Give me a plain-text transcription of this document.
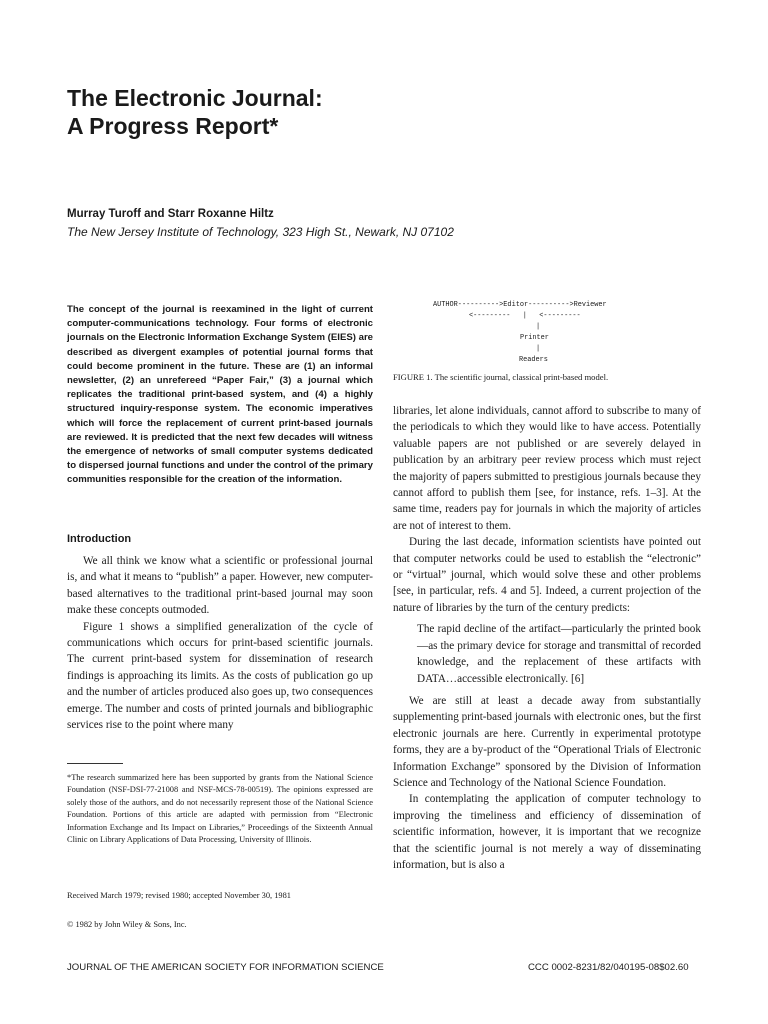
The Electronic Journal:
A Progress Report*
Murray Turoff and Starr Roxanne Hiltz
The New Jersey Institute of Technology, 323 High St., Newark, NJ 07102

The concept of the journal is reexamined in the light of current computer-communications technology. Four forms of electronic journals on the Electronic Information Exchange System (EIES) are described as divergent examples of potential journal forms that could become prominent in the future. These are (1) an informal newsletter, (2) an unrefereed “Paper Fair,” (3) a journal which replicates the traditional print-based system, and (4) a highly structured inquiry-response system. The economic imperatives which will force the replacement of current print-based journals are reviewed. It is predicted that the next few decades will witness the emergence of networks of small computer systems dedicated to dispersed journal functions and under the control of the primary communities responsible for the creation of the information.

Introduction

We all think we know what a scientific or professional journal is, and what it means to “publish” a paper. However, new computer-based alternatives to the traditional print-based journal may soon make these concepts outmoded.

Figure 1 shows a simplified generalization of the cycle of communications which occurs for print-based scientific journals. The current print-based system for dissemination of research findings is approaching its limits. As the costs of publication go up and the number of articles produced also goes up, two consequences emerge. The number and costs of printed journals and bibliographic services rise to the point where many

*The research summarized here has been supported by grants from the National Science Foundation (NSF-DSI-77-21008 and NSF-MCS-78-00519). The opinions expressed are solely those of the authors, and do not necessarily represent those of the National Science Foundation. Portions of this article are adapted with permission from “Electronic Information Exchange and Its Impact on Libraries,” Proceedings of the Sixteenth Annual Clinic on Library Applications of Data Processing, University of Illinois.

Received March 1979; revised 1980; accepted November 30, 1981

© 1982 by John Wiley & Sons, Inc.

AUTHOR---------->Editor---------->Reviewer
<---------   |   <---------
|
Printer
|
Readers

FIGURE 1. The scientific journal, classical print-based model.

libraries, let alone individuals, cannot afford to subscribe to many of the periodicals to which they would like to have access. Potentially valuable papers are not published or are severely delayed in publication by an arbitrary peer review process which must reject the majority of papers submitted to prestigious journals because they cannot afford to publish them [see, for instance, refs. 1–3]. At the same time, readers pay for journals in which the majority of articles are not of interest to them.

During the last decade, information scientists have pointed out that computer networks could be used to establish the “electronic” or “virtual” journal, which would solve these and other problems [see, in particular, refs. 4 and 5]. Indeed, a current projection of the nature of libraries by the turn of the century predicts:

The rapid decline of the artifact—particularly the printed book—as the primary device for storage and transmittal of recorded knowledge, and the replacement of these artifacts with DATA…accessible electronically. [6]

We are still at least a decade away from substantially supplementing print-based journals with electronic ones, but the first electronic journals are here. Currently in experimental prototype forms, they are a by-product of the “Operational Trials of Electronic Information Exchange” sponsored by the Division of Information Science and Technology of the National Science Foundation.

In contemplating the application of computer technology to improving the timeliness and efficiency of dissemination of scientific information, however, it is important that we recognize that the scientific journal is not merely a way of disseminating information, but is also a

JOURNAL OF THE AMERICAN SOCIETY FOR INFORMATION SCIENCE	CCC 0002-8231/82/040195-08$02.60
